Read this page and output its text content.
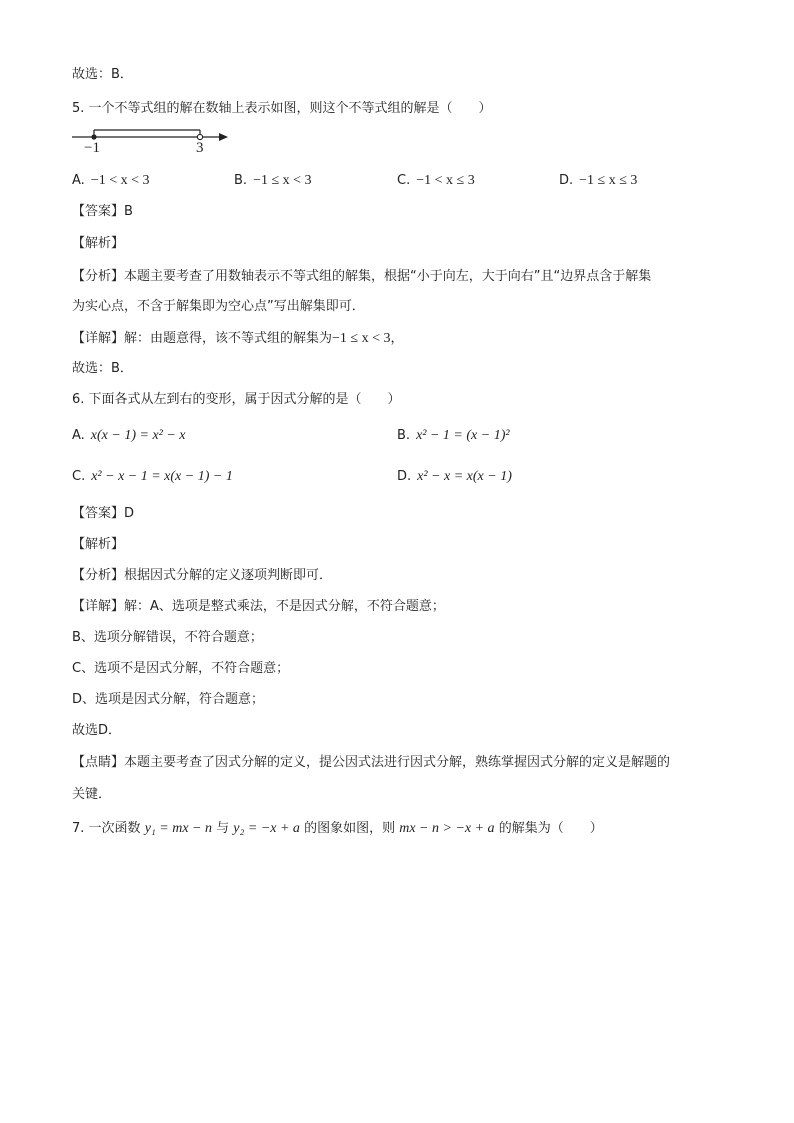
故选：B．
5. 一个不等式组的解在数轴上表示如图，则这个不等式组的解是（　　）
−1	3
A. −1 < x < 3	B. −1 ≤ x < 3	C. −1 < x ≤ 3	D. −1 ≤ x ≤ 3
【答案】B
【解析】
【分析】本题主要考查了用数轴表示不等式组的解集，根据“小于向左，大于向右”且“边界点含于解集
为实心点，不含于解集即为空心点”写出解集即可．
【详解】解：由题意得，该不等式组的解集为−1 ≤ x < 3，
故选：B．
6. 下面各式从左到右的变形，属于因式分解的是（　　）
A. x(x − 1) = x² − x	B. x² − 1 = (x − 1)²
C. x² − x − 1 = x(x − 1) − 1	D. x² − x = x(x − 1)
【答案】D
【解析】
【分析】根据因式分解的定义逐项判断即可．
【详解】解：A、选项是整式乘法，不是因式分解，不符合题意；
B、选项分解错误，不符合题意；
C、选项不是因式分解，不符合题意；
D、选项是因式分解，符合题意；
故选D．
【点睛】本题主要考查了因式分解的定义，提公因式法进行因式分解，熟练掌握因式分解的定义是解题的
关键．
7. 一次函数 y₁ = mx − n 与 y₂ = −x + a 的图象如图，则 mx − n > −x + a 的解集为（　　）
